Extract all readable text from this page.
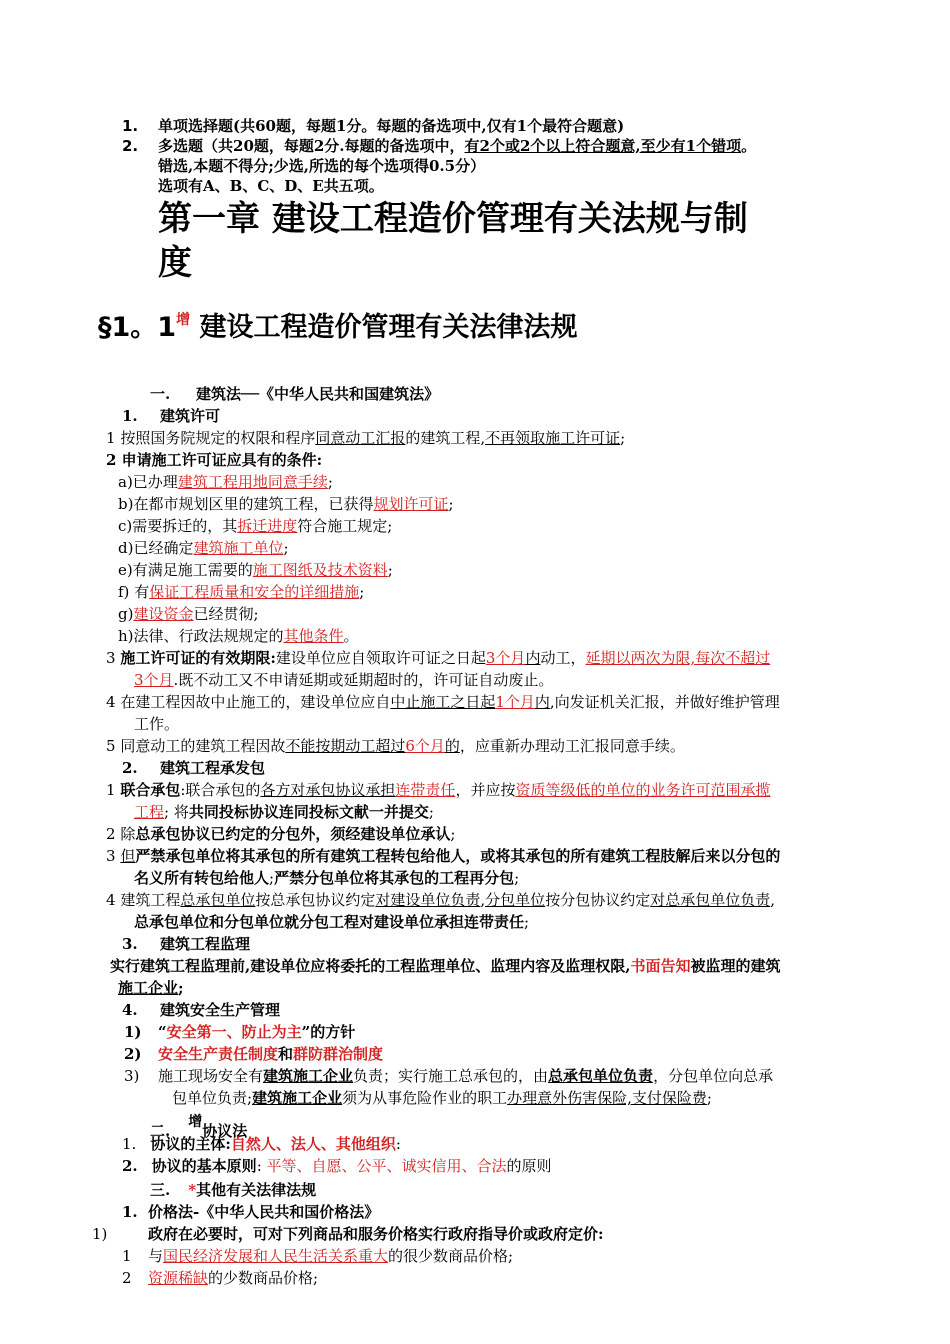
1. 单项选择题(共60题，每题1分。每题的备选项中,仅有1个最符合题意)
2. 多选题（共20题，每题2分.每题的备选项中，有2个或2个以上符合题意,至少有1个错项。
错选,本题不得分;少选,所选的每个选项得0.5分）
选项有A、B、C、D、E共五项。
第一章 建设工程造价管理有关法规与制
度
§1。$1^增$ 建设工程造价管理有关法律法规
一. 建筑法──《中华人民共和国建筑法》
1. 建筑许可
1 按照国务院规定的权限和程序同意动工汇报的建筑工程,不再领取施工许可证;
2 申请施工许可证应具有的条件:
a)已办理建筑工程用地同意手续;
b)在都市规划区里的建筑工程，已获得规划许可证;
c)需要拆迁的，其拆迁进度符合施工规定;
d)已经确定建筑施工单位;
e)有满足施工需要的施工图纸及技术资料;
f) 有保证工程质量和安全的详细措施;
g)建设资金已经贯彻;
h)法律、行政法规规定的其他条件。
3 施工许可证的有效期限:建设单位应自领取许可证之日起3个月内动工，延期以两次为限,每次不超过
3个月.既不动工又不申请延期或延期超时的，许可证自动废止。
4 在建工程因故中止施工的，建设单位应自中止施工之日起1个月内,向发证机关汇报，并做好维护管理
工作。
5 同意动工的建筑工程因故不能按期动工超过6个月的，应重新办理动工汇报同意手续。
2. 建筑工程承发包
1 联合承包:联合承包的各方对承包协议承担连带责任，并应按资质等级低的单位的业务许可范围承揽
工程; 将共同投标协议连同投标文献一并提交;
2 除总承包协议已约定的分包外，须经建设单位承认;
3 但严禁承包单位将其承包的所有建筑工程转包给他人，或将其承包的所有建筑工程肢解后来以分包的
名义所有转包给他人;严禁分包单位将其承包的工程再分包;
4 建筑工程总承包单位按总承包协议约定对建设单位负责,分包单位按分包协议约定对总承包单位负责,
总承包单位和分包单位就分包工程对建设单位承担连带责任;
3. 建筑工程监理
实行建筑工程监理前,建设单位应将委托的工程监理单位、监理内容及监理权限,书面告知被监理的建筑
施工企业;
4. 建筑安全生产管理
1) “安全第一、防止为主”的方针
2) 安全生产责任制度和群防群治制度
3) 施工现场安全有建筑施工企业负责；实行施工总承包的，由总承包单位负责，分包单位向总承
包单位负责;建筑施工企业须为从事危险作业的职工办理意外伤害保险,支付保险费;
二. 增协议法
1. 协议的主体:自然人、法人、其他组织:
2. 协议的基本原则: 平等、自愿、公平、诚实信用、合法的原则
三. *其他有关法律法规
1. 价格法-《中华人民共和国价格法》
1)	政府在必要时，可对下列商品和服务价格实行政府指导价或政府定价:
1 与国民经济发展和人民生活关系重大的很少数商品价格;
2 资源稀缺的少数商品价格;
